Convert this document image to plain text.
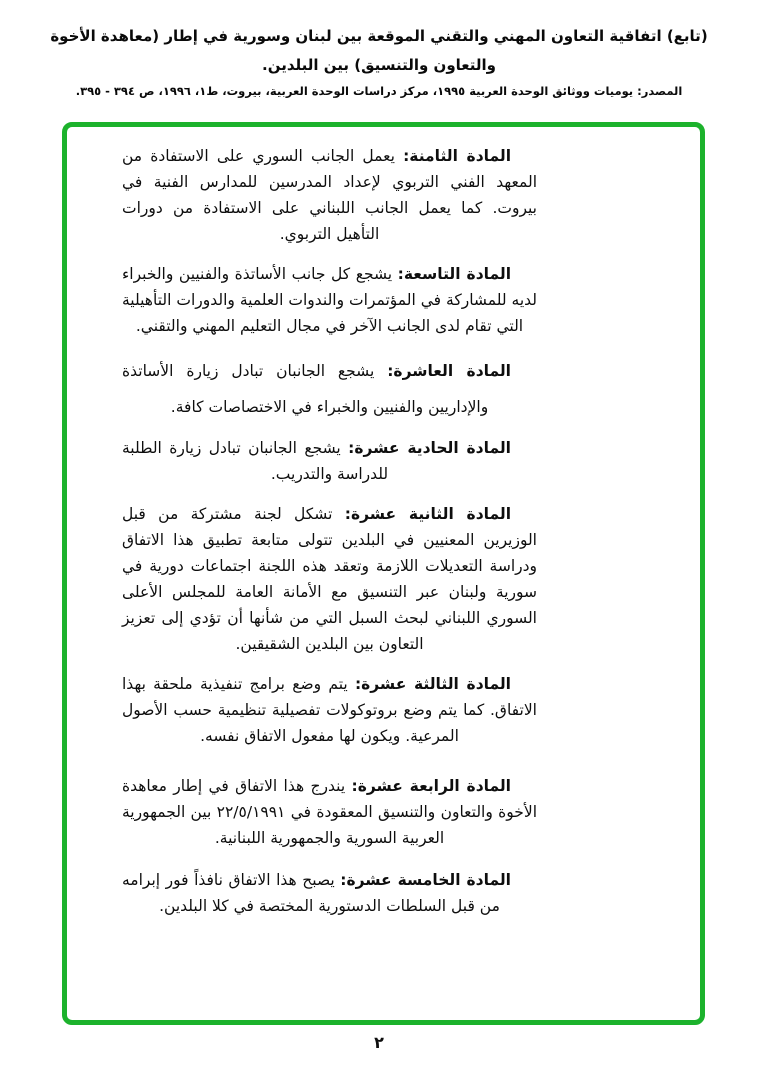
(تابع) اتفاقية التعاون المهني والتقني الموقعة بين لبنان وسورية في إطار (معاهدة الأخوة والتعاون والتنسيق) بين البلدين.
المصدر: يوميات ووثائق الوحدة العربية ١٩٩٥، مركز دراسات الوحدة العربية، بيروت، ط١، ١٩٩٦، ص ٣٩٤ - ٣٩٥.

المادة الثامنة: يعمل الجانب السوري على الاستفادة من المعهد الفني التربوي لإعداد المدرسين للمدارس الفنية في بيروت. كما يعمل الجانب اللبناني على الاستفادة من دورات التأهيل التربوي.

المادة التاسعة: يشجع كل جانب الأساتذة والفنيين والخبراء لديه للمشاركة في المؤتمرات والندوات العلمية والدورات التأهيلية التي تقام لدى الجانب الآخر في مجال التعليم المهني والتقني.

المادة العاشرة: يشجع الجانبان تبادل زيارة الأساتذة والإداريين والفنيين والخبراء في الاختصاصات كافة.

المادة الحادية عشرة: يشجع الجانبان تبادل زيارة الطلبة للدراسة والتدريب.

المادة الثانية عشرة: تشكل لجنة مشتركة من قبل الوزيرين المعنيين في البلدين تتولى متابعة تطبيق هذا الاتفاق ودراسة التعديلات اللازمة وتعقد هذه اللجنة اجتماعات دورية في سورية ولبنان عبر التنسيق مع الأمانة العامة للمجلس الأعلى السوري اللبناني لبحث السبل التي من شأنها أن تؤدي إلى تعزيز التعاون بين البلدين الشقيقين.

المادة الثالثة عشرة: يتم وضع برامج تنفيذية ملحقة بهذا الاتفاق. كما يتم وضع بروتوكولات تفصيلية تنظيمية حسب الأصول المرعية. ويكون لها مفعول الاتفاق نفسه.

المادة الرابعة عشرة: يندرج هذا الاتفاق في إطار معاهدة الأخوة والتعاون والتنسيق المعقودة في ٢٢/٥/١٩٩١ بين الجمهورية العربية السورية والجمهورية اللبنانية.

المادة الخامسة عشرة: يصبح هذا الاتفاق نافذاً فور إبرامه من قبل السلطات الدستورية المختصة في كلا البلدين.

٢
